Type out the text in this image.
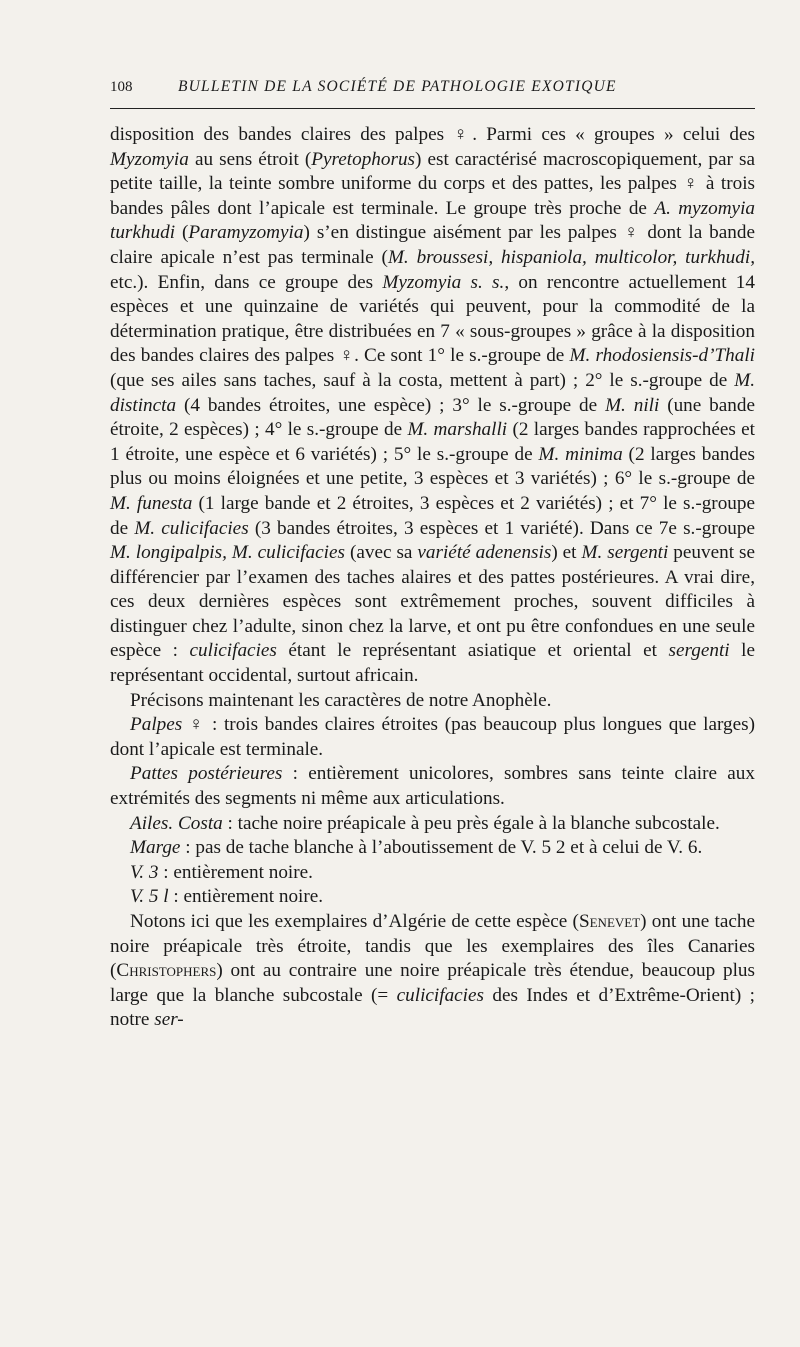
108	BULLETIN DE LA SOCIÉTÉ DE PATHOLOGIE EXOTIQUE

disposition des bandes claires des palpes ♀. Parmi ces « groupes » celui des Myzomyia au sens étroit (Pyretophorus) est caractérisé macroscopiquement, par sa petite taille, la teinte sombre uniforme du corps et des pattes, les palpes ♀ à trois bandes pâles dont l’apicale est terminale. Le groupe très proche de A. myzomyia turkhudi (Paramyzomyia) s’en distingue aisément par les palpes ♀ dont la bande claire apicale n’est pas terminale (M. broussesi, hispaniola, multicolor, turkhudi, etc.). Enfin, dans ce groupe des Myzomyia s. s., on rencontre actuellement 14 espèces et une quinzaine de variétés qui peuvent, pour la commodité de la détermination pratique, être distribuées en 7 « sous-groupes » grâce à la disposition des bandes claires des palpes ♀. Ce sont 1° le s.-groupe de M. rhodosiensis-d’Thali (que ses ailes sans taches, sauf à la costa, mettent à part) ; 2° le s.-groupe de M. distincta (4 bandes étroites, une espèce) ; 3° le s.-groupe de M. nili (une bande étroite, 2 espèces) ; 4° le s.-groupe de M. marshalli (2 larges bandes rapprochées et 1 étroite, une espèce et 6 variétés) ; 5° le s.-groupe de M. minima (2 larges bandes plus ou moins éloignées et une petite, 3 espèces et 3 variétés) ; 6° le s.-groupe de M. funesta (1 large bande et 2 étroites, 3 espèces et 2 variétés) ; et 7° le s.-groupe de M. culicifacies (3 bandes étroites, 3 espèces et 1 variété). Dans ce 7e s.-groupe M. longipalpis, M. culicifacies (avec sa variété adenensis) et M. sergenti peuvent se différencier par l’examen des taches alaires et des pattes postérieures. A vrai dire, ces deux dernières espèces sont extrêmement proches, souvent difficiles à distinguer chez l’adulte, sinon chez la larve, et ont pu être confondues en une seule espèce : culicifacies étant le représentant asiatique et oriental et sergenti le représentant occidental, surtout africain.

Précisons maintenant les caractères de notre Anophèle.

Palpes ♀ : trois bandes claires étroites (pas beaucoup plus longues que larges) dont l’apicale est terminale.

Pattes postérieures : entièrement unicolores, sombres sans teinte claire aux extrémités des segments ni même aux articulations.

Ailes. Costa : tache noire préapicale à peu près égale à la blanche subcostale.

Marge : pas de tache blanche à l’aboutissement de V. 5 2 et à celui de V. 6.

V. 3 : entièrement noire.

V. 5 l : entièrement noire.

Notons ici que les exemplaires d’Algérie de cette espèce (Senevet) ont une tache noire préapicale très étroite, tandis que les exemplaires des îles Canaries (Christophers) ont au contraire une noire préapicale très étendue, beaucoup plus large que la blanche subcostale (= culicifacies des Indes et d’Extrême-Orient) ; notre ser-
